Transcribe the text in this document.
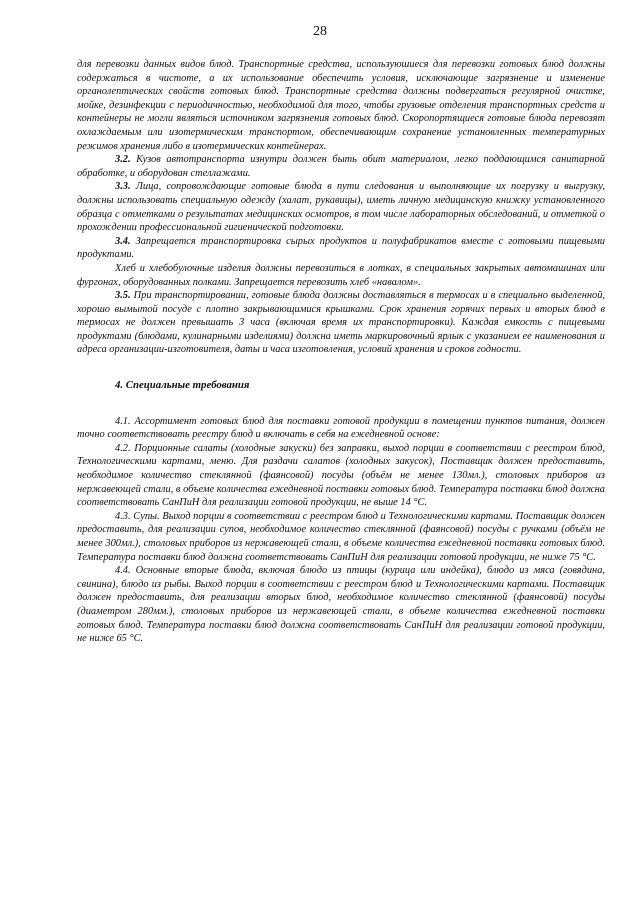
28

для перевозки данных видов блюд. Транспортные средства, используюшиеся для перевозки готовых блюд должны содержаться в чистоте, а их использование обеспечить условия, исключающие загрязнение и изменение органолептических свойств готовых блюд. Транспортные средства должны подвергаться регулярной очистке, мойке, дезинфекции с периодичностью, необходимой для того, чтобы грузовые отделения транспортных средств и контейнеры не могли являться источником загрязнения готовых блюд. Скоропортящиеся готовые блюда перевозят охлаждаемым или изотермическим транспортом, обеспечивающим сохранение установленных температурных режимов хранения либо в изотермических контейнерах.

3.2. Кузов автотранспорта изнутри должен быть обит материалом, легко поддающимся санитарной обработке, и оборудован стеллажами.

3.3. Лица, сопровождающие готовые блюда в пути следования и выполняющие их погрузку и выгрузку, должны использовать специальную одежду (халат, рукавицы), иметь личную медицинскую книжку установленного образца с отметками о результатах медицинских осмотров, в том числе лабораторных обследований, и отметкой о прохождении профессиональной гигиенической подготовки.

3.4. Запрещается транспортировка сырых продуктов и полуфабрикатов вместе с готовыми пищевыми продуктами.

Хлеб и хлебобулочные изделия должны перевозиться в лотках, в специальных закрытых автомашинах или фургонах, оборудованных полками. Запрещается перевозить хлеб «навалом».

3.5. При транспортировании, готовые блюда должны доставляться в термосах и в специально выделенной, хорошо вымытой посуде с плотно закрывающимися крышками. Срок хранения горячих первых и вторых блюд в термосах не должен превышать 3 часа (включая время их транспортировки). Каждая емкость с пищевыми продуктами (блюдами, кулинарными изделиями) должна иметь маркировочный ярлык с указанием ее наименования и адреса организации-изготовителя, даты и часа изготовления, условий хранения и сроков годности.

4. Специальные требования

4.1. Ассортимент готовых блюд для поставки готовой продукции в помещении пунктов питания, должен точно соответствовать реестру блюд и включать в себя на ежедневной основе:

4.2. Порционные салаты (холодные закуски) без заправки, выход порции в соответствии с реестром блюд, Технологическими картами, меню. Для раздачи салатов (холодных закусок), Поставщик должен предоставить, необходимое количество стеклянной (фаянсовой) посуды (объём не менее 130мл.), столовых приборов из нержавеющей стали, в объеме количества ежедневной поставки готовых блюд. Температура поставки блюд должна соответствовать СанПиН для реализации готовой продукции, не выше 14 °С.

4.3. Супы. Выход порции в соответствии с реестром блюд и Технологическими картами. Поставщик должен предоставить, для реализации супов, необходимое количество стеклянной (фаянсовой) посуды с ручками (объём не менее 300мл.), столовых приборов из нержавеющей стали, в объеме количества ежедневной поставки готовых блюд. Температура поставки блюд должна соответствовать СанПиН для реализации готовой продукции, не ниже 75 °С.

4.4. Основные вторые блюда, включая блюдо из птицы (курица или индейка), блюдо из мяса (говядина, свинина), блюдо из рыбы. Выход порции в соответствии с реестром блюд и Технологическими картами. Поставщик должен предоставить, для реализации вторых блюд, необходимое количество стеклянной (фаянсовой) посуды (диаметром 280мм.), столовых приборов из нержавеющей стали, в объеме количества ежедневной поставки готовых блюд. Температура поставки блюд должна соответствовать СанПиН для реализации готовой продукции, не ниже 65 °С.
